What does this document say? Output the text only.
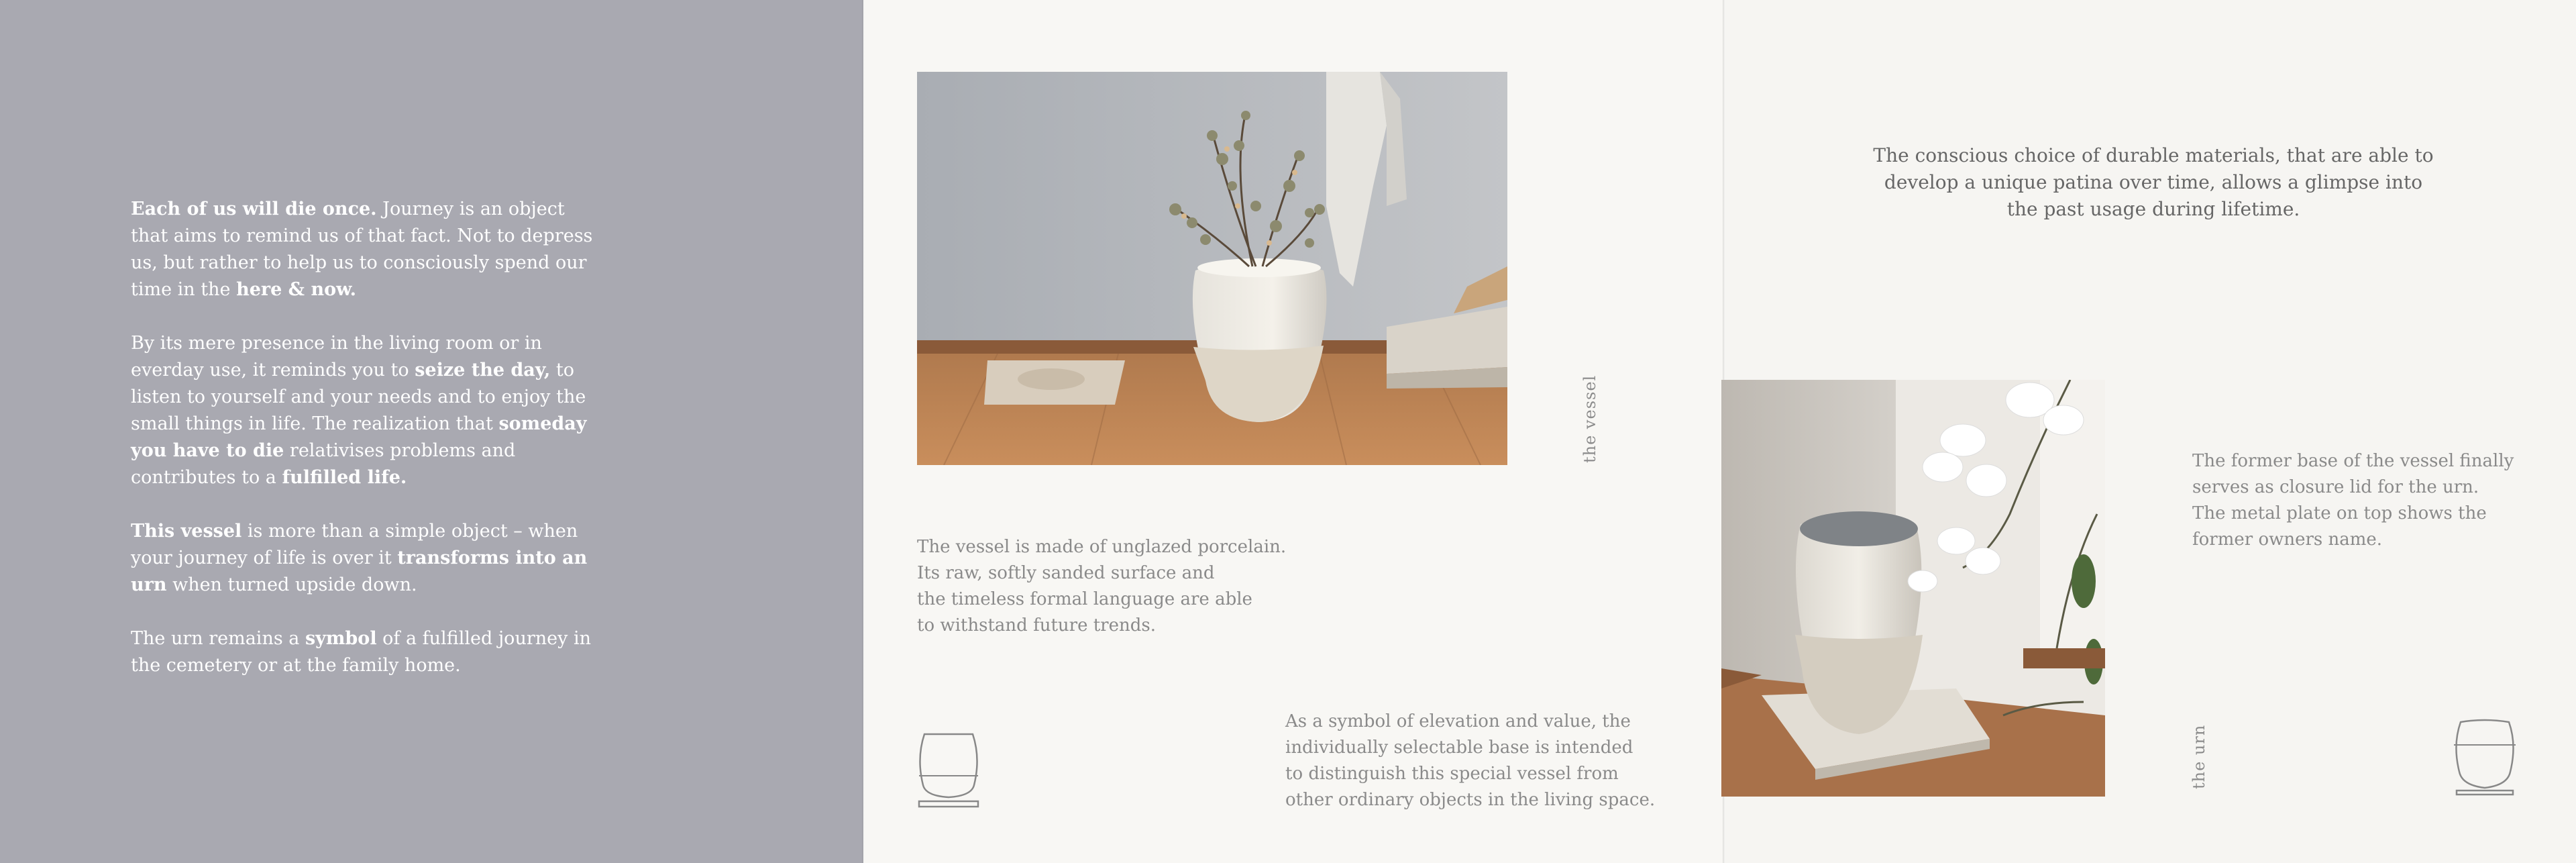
Each of us will die once. Journey is an object that aims to remind us of that fact. Not to depress us, but rather to help us to consciously spend our time in the here & now.

By its mere presence in the living room or in everday use, it reminds you to seize the day, to listen to yourself and your needs and to enjoy the small things in life. The realization that someday you have to die relativises problems and contributes to a fulfilled life.

This vessel is more than a simple object – when your journey of life is over it transforms into an urn when turned upside down.

The urn remains a symbol of a fulfilled journey in the cemetery or at the family home.

the vessel
The vessel is made of unglazed porcelain.
Its raw, softly sanded surface and
the timeless formal language are able
to withstand future trends.
As a symbol of elevation and value, the
individually selectable base is intended
to distinguish this special vessel from
other ordinary objects in the living space.
The conscious choice of durable materials, that are able to
develop a unique patina over time, allows a glimpse into
the past usage during lifetime.
The former base of the vessel finally
serves as closure lid for the urn.
The metal plate on top shows the
former owners name.
the urn
